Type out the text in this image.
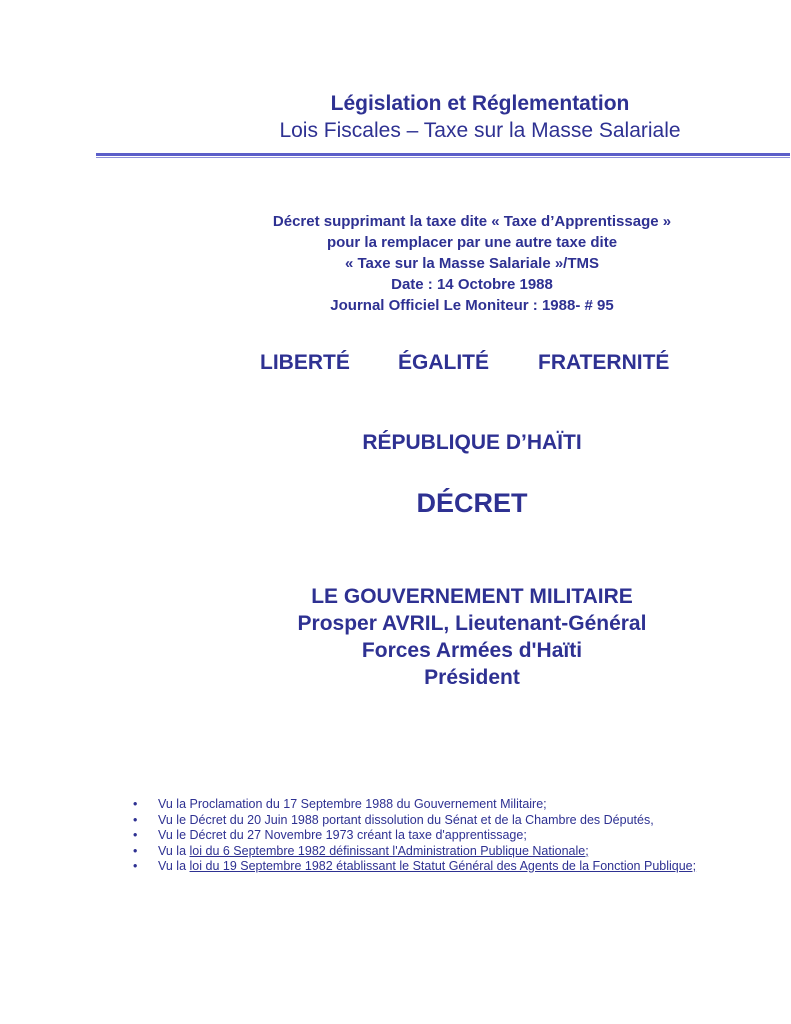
Législation et Réglementation
Lois Fiscales – Taxe sur la Masse Salariale
Décret supprimant la taxe dite « Taxe d’Apprentissage »
pour la remplacer par une autre taxe dite
« Taxe sur la Masse Salariale »/TMS
Date : 14 Octobre 1988
Journal Officiel Le Moniteur : 1988- # 95
LIBERTÉ ÉGALITÉ FRATERNITÉ
RÉPUBLIQUE D’HAÏTI
DÉCRET
LE GOUVERNEMENT MILITAIRE
Prosper AVRIL, Lieutenant-Général
Forces Armées d'Haïti
Président
• Vu la Proclamation du 17 Septembre 1988 du Gouvernement Militaire;
• Vu le Décret du 20 Juin 1988 portant dissolution du Sénat et de la Chambre des Députés,
• Vu le Décret du 27 Novembre 1973 créant la taxe d'apprentissage;
• Vu la loi du 6 Septembre 1982 définissant l'Administration Publique Nationale;
• Vu la loi du 19 Septembre 1982 établissant le Statut Général des Agents de la Fonction Publique;
